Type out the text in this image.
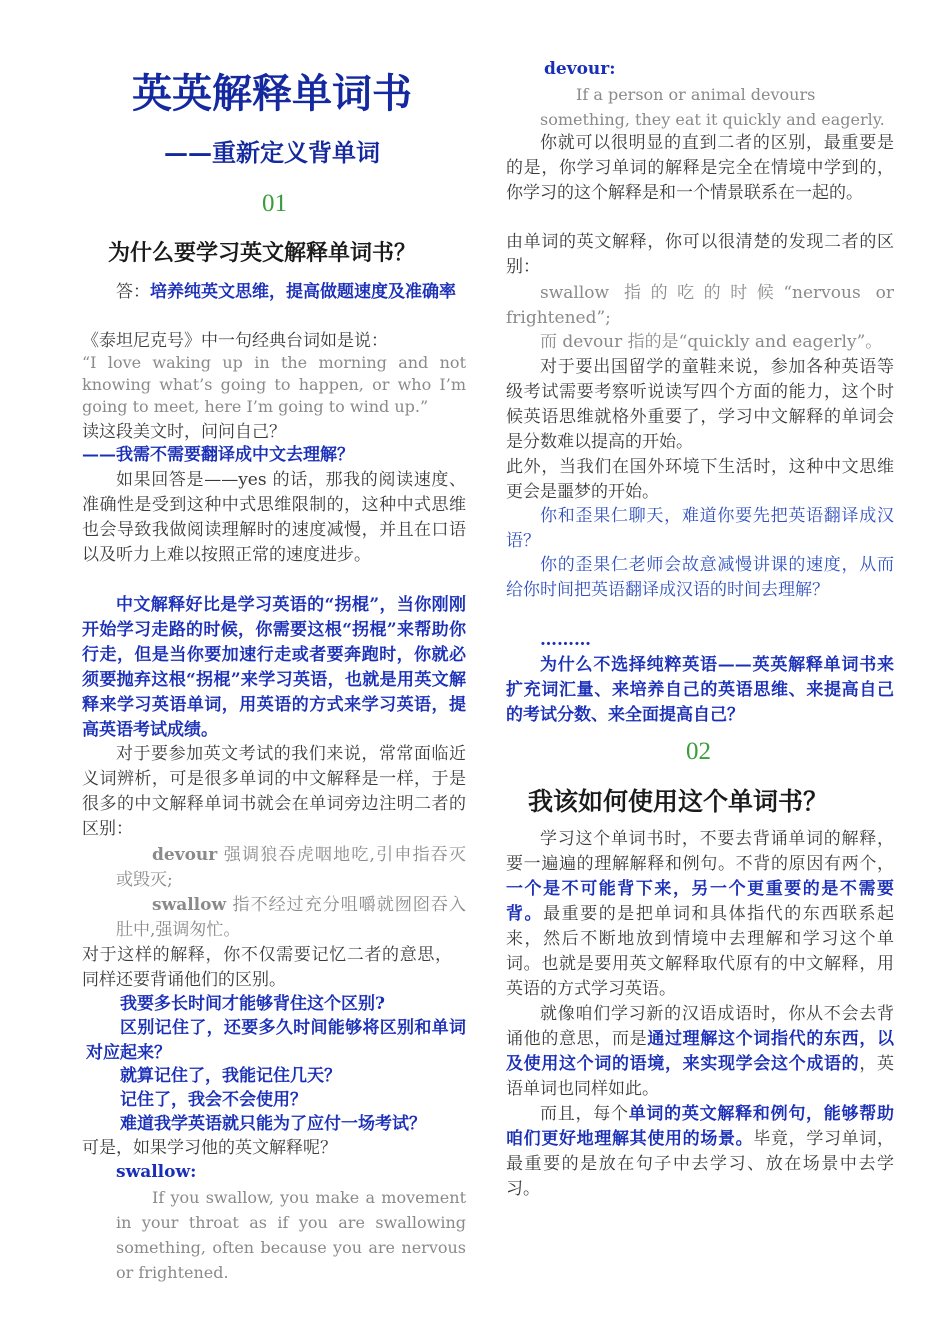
英英解释单词书
——重新定义背单词
01
为什么要学习英文解释单词书？
答：培养纯英文思维，提高做题速度及准确率
《泰坦尼克号》中一句经典台词如是说：
“I love waking up in the morning and not knowing what’s going to happen, or who I’m going to meet, here I’m going to wind up.”
读这段美文时，问问自己？
——我需不需要翻译成中文去理解？
如果回答是——yes 的话，那我的阅读速度、准确性是受到这种中式思维限制的，这种中式思维也会导致我做阅读理解时的速度减慢，并且在口语以及听力上难以按照正常的速度进步。
中文解释好比是学习英语的“拐棍”，当你刚刚开始学习走路的时候，你需要这根“拐棍”来帮助你行走，但是当你要加速行走或者要奔跑时，你就必须要抛弃这根“拐棍”来学习英语，也就是用英文解释来学习英语单词，用英语的方式来学习英语，提高英语考试成绩。
对于要参加英文考试的我们来说，常常面临近义词辨析，可是很多单词的中文解释是一样，于是很多的中文解释单词书就会在单词旁边注明二者的区别：
devour 强调狼吞虎咽地吃,引申指吞灭或毁灭;
swallow 指不经过充分咀嚼就囫囵吞入肚中,强调匆忙。
对于这样的解释，你不仅需要记忆二者的意思，同样还要背诵他们的区别。
我要多长时间才能够背住这个区别?
区别记住了，还要多久时间能够将区别和单词对应起来？
就算记住了，我能记住几天？
记住了，我会不会使用？
难道我学英语就只能为了应付一场考试？
可是，如果学习他的英文解释呢？
swallow:
If you swallow, you make a movement in your throat as if you are swallowing something, often because you are nervous or frightened.
devour:
If a person or animal devours something, they eat it quickly and eagerly.
你就可以很明显的直到二者的区别，最重要是的是，你学习单词的解释是完全在情境中学到的，你学习的这个解释是和一个情景联系在一起的。
由单词的英文解释，你可以很清楚的发现二者的区别：
swallow 指的吃的时候“nervous or frightened”;
而 devour 指的是“quickly and eagerly”。
对于要出国留学的童鞋来说，参加各种英语等级考试需要考察听说读写四个方面的能力，这个时候英语思维就格外重要了，学习中文解释的单词会是分数难以提高的开始。
此外，当我们在国外环境下生活时，这种中文思维更会是噩梦的开始。
你和歪果仁聊天，难道你要先把英语翻译成汉语？
你的歪果仁老师会故意减慢讲课的速度，从而给你时间把英语翻译成汉语的时间去理解？
………
为什么不选择纯粹英语——英英解释单词书来扩充词汇量、来培养自己的英语思维、来提高自己的考试分数、来全面提高自己？
02
我该如何使用这个单词书？
学习这个单词书时，不要去背诵单词的解释，要一遍遍的理解解释和例句。不背的原因有两个，一个是不可能背下来，另一个更重要的是不需要背。最重要的是把单词和具体指代的东西联系起来，然后不断地放到情境中去理解和学习这个单词。也就是要用英文解释取代原有的中文解释，用英语的方式学习英语。
就像咱们学习新的汉语成语时，你从不会去背诵他的意思，而是通过理解这个词指代的东西，以及使用这个词的语境，来实现学会这个成语的，英语单词也同样如此。
而且，每个单词的英文解释和例句，能够帮助咱们更好地理解其使用的场景。毕竟，学习单词，最重要的是放在句子中去学习、放在场景中去学习。
